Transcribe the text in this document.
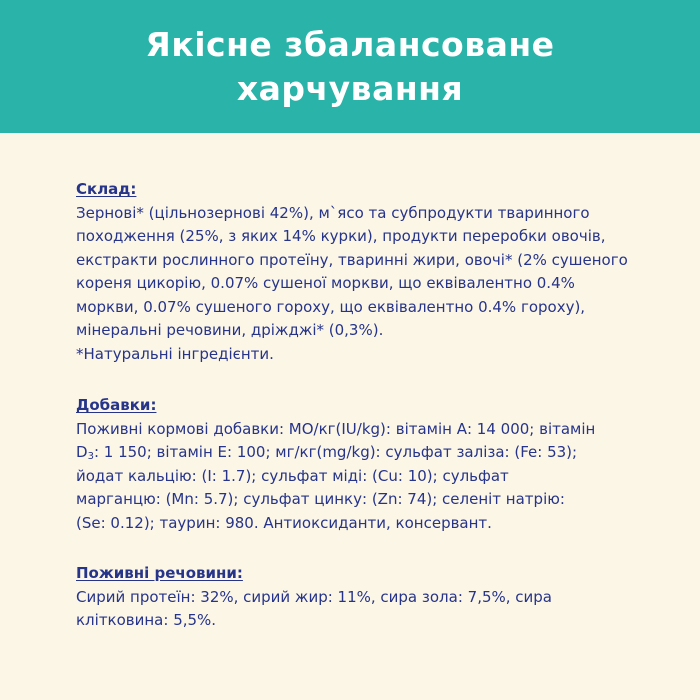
Якісне збалансоване
харчування
Склад:
Зернові* (цільнозернові 42%), м`ясо та субпродукти тваринного
походження (25%, з яких 14% курки), продукти переробки овочів,
екстракти рослинного протеїну, тваринні жири, овочі* (2% сушеного
кореня цикорію, 0.07% сушеної моркви, що еквівалентно 0.4%
моркви, 0.07% сушеного гороху, що еквівалентно 0.4% гороху),
мінеральні речовини, дріжджі* (0,3%).
*Натуральні інгредієнти.
Добавки:
Поживні кормові добавки: МО/кг(IU/kg): вітамін А: 14 000; вітамін
$D_3$: 1 150; вітамін Е: 100; мг/кг(mg/kg): сульфат заліза: (Fe: 53);
йодат кальцію: (I: 1.7); сульфат міді: (Cu: 10); сульфат
марганцю: (Mn: 5.7); сульфат цинку: (Zn: 74); селеніт натрію:
(Se: 0.12); таурин: 980. Антиоксиданти, консервант.
Поживні речовини:
Сирий протеїн: 32%, сирий жир: 11%, сира зола: 7,5%, сира
клітковина: 5,5%.
